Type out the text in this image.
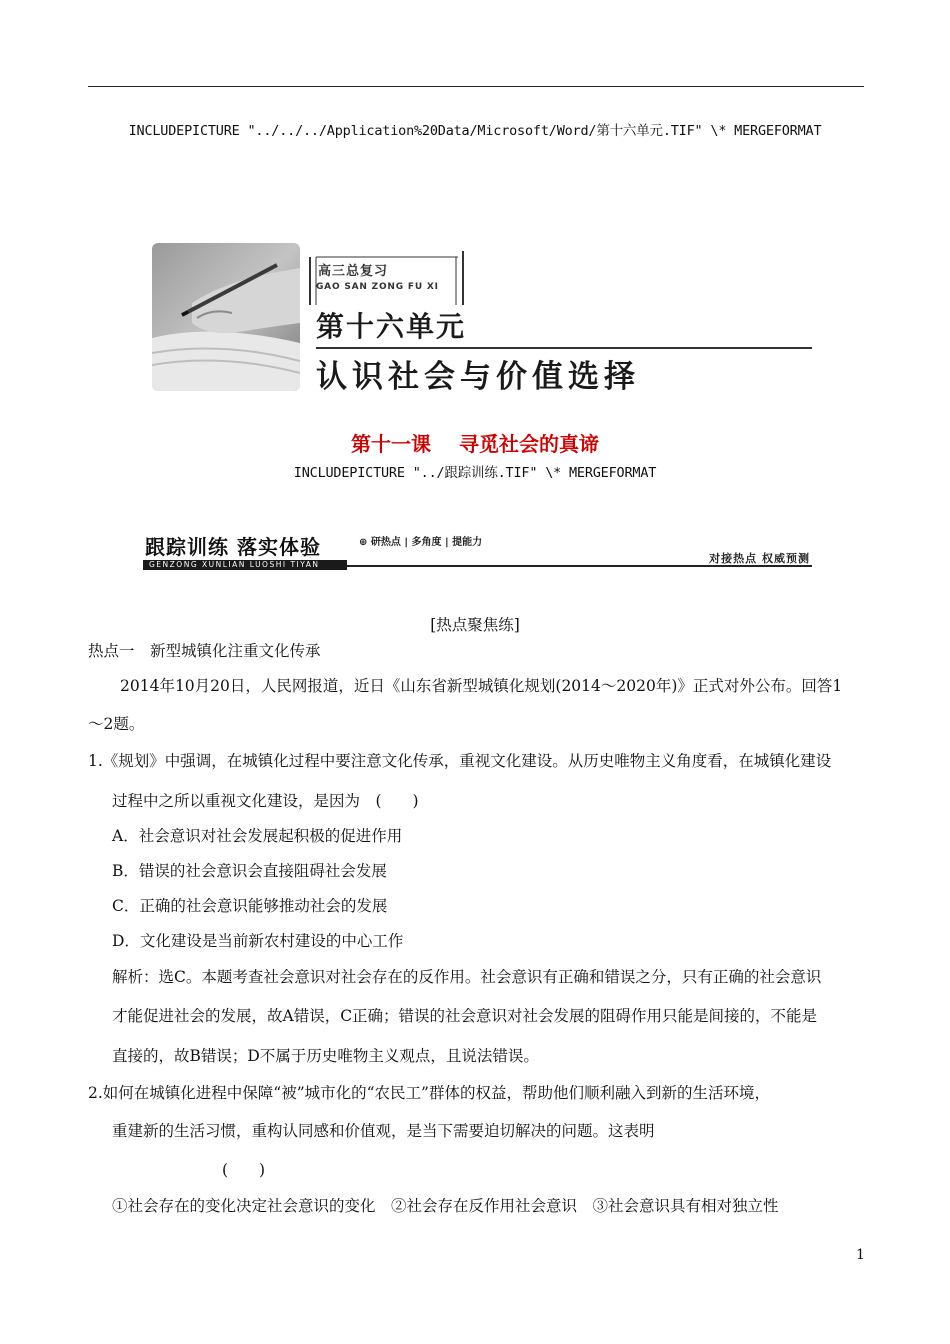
INCLUDEPICTURE "../../../Application%20Data/Microsoft/Word/第十六单元.TIF" \* MERGEFORMAT
高三总复习
GAO SAN ZONG FU XI
第十六单元
认识社会与价值选择
第十一课 寻觅社会的真谛
INCLUDEPICTURE "../跟踪训练.TIF" \* MERGEFORMAT
跟踪训练 落实体验
GENZONG XUNLIAN LUOSHI TIYAN
⊕ 研热点 | 多角度 | 提能力
对接热点 权威预测
[热点聚焦练]
热点一　新型城镇化注重文化传承
2014年10月20日，人民网报道，近日《山东省新型城镇化规划(2014～2020年)》正式对外公布。回答1
～2题。
1.《规划》中强调，在城镇化过程中要注意文化传承，重视文化建设。从历史唯物主义角度看，在城镇化建设
过程中之所以重视文化建设，是因为　(　　)
A．社会意识对社会发展起积极的促进作用
B．错误的社会意识会直接阻碍社会发展
C．正确的社会意识能够推动社会的发展
D．文化建设是当前新农村建设的中心工作
解析：选C。本题考查社会意识对社会存在的反作用。社会意识有正确和错误之分，只有正确的社会意识
才能促进社会的发展，故A错误，C正确；错误的社会意识对社会发展的阻碍作用只能是间接的，不能是
直接的，故B错误；D不属于历史唯物主义观点，且说法错误。
2.如何在城镇化进程中保障“被”城市化的“农民工”群体的权益，帮助他们顺利融入到新的生活环境，
重建新的生活习惯，重构认同感和价值观，是当下需要迫切解决的问题。这表明
(　　)
①社会存在的变化决定社会意识的变化　②社会存在反作用社会意识　③社会意识具有相对独立性
1
